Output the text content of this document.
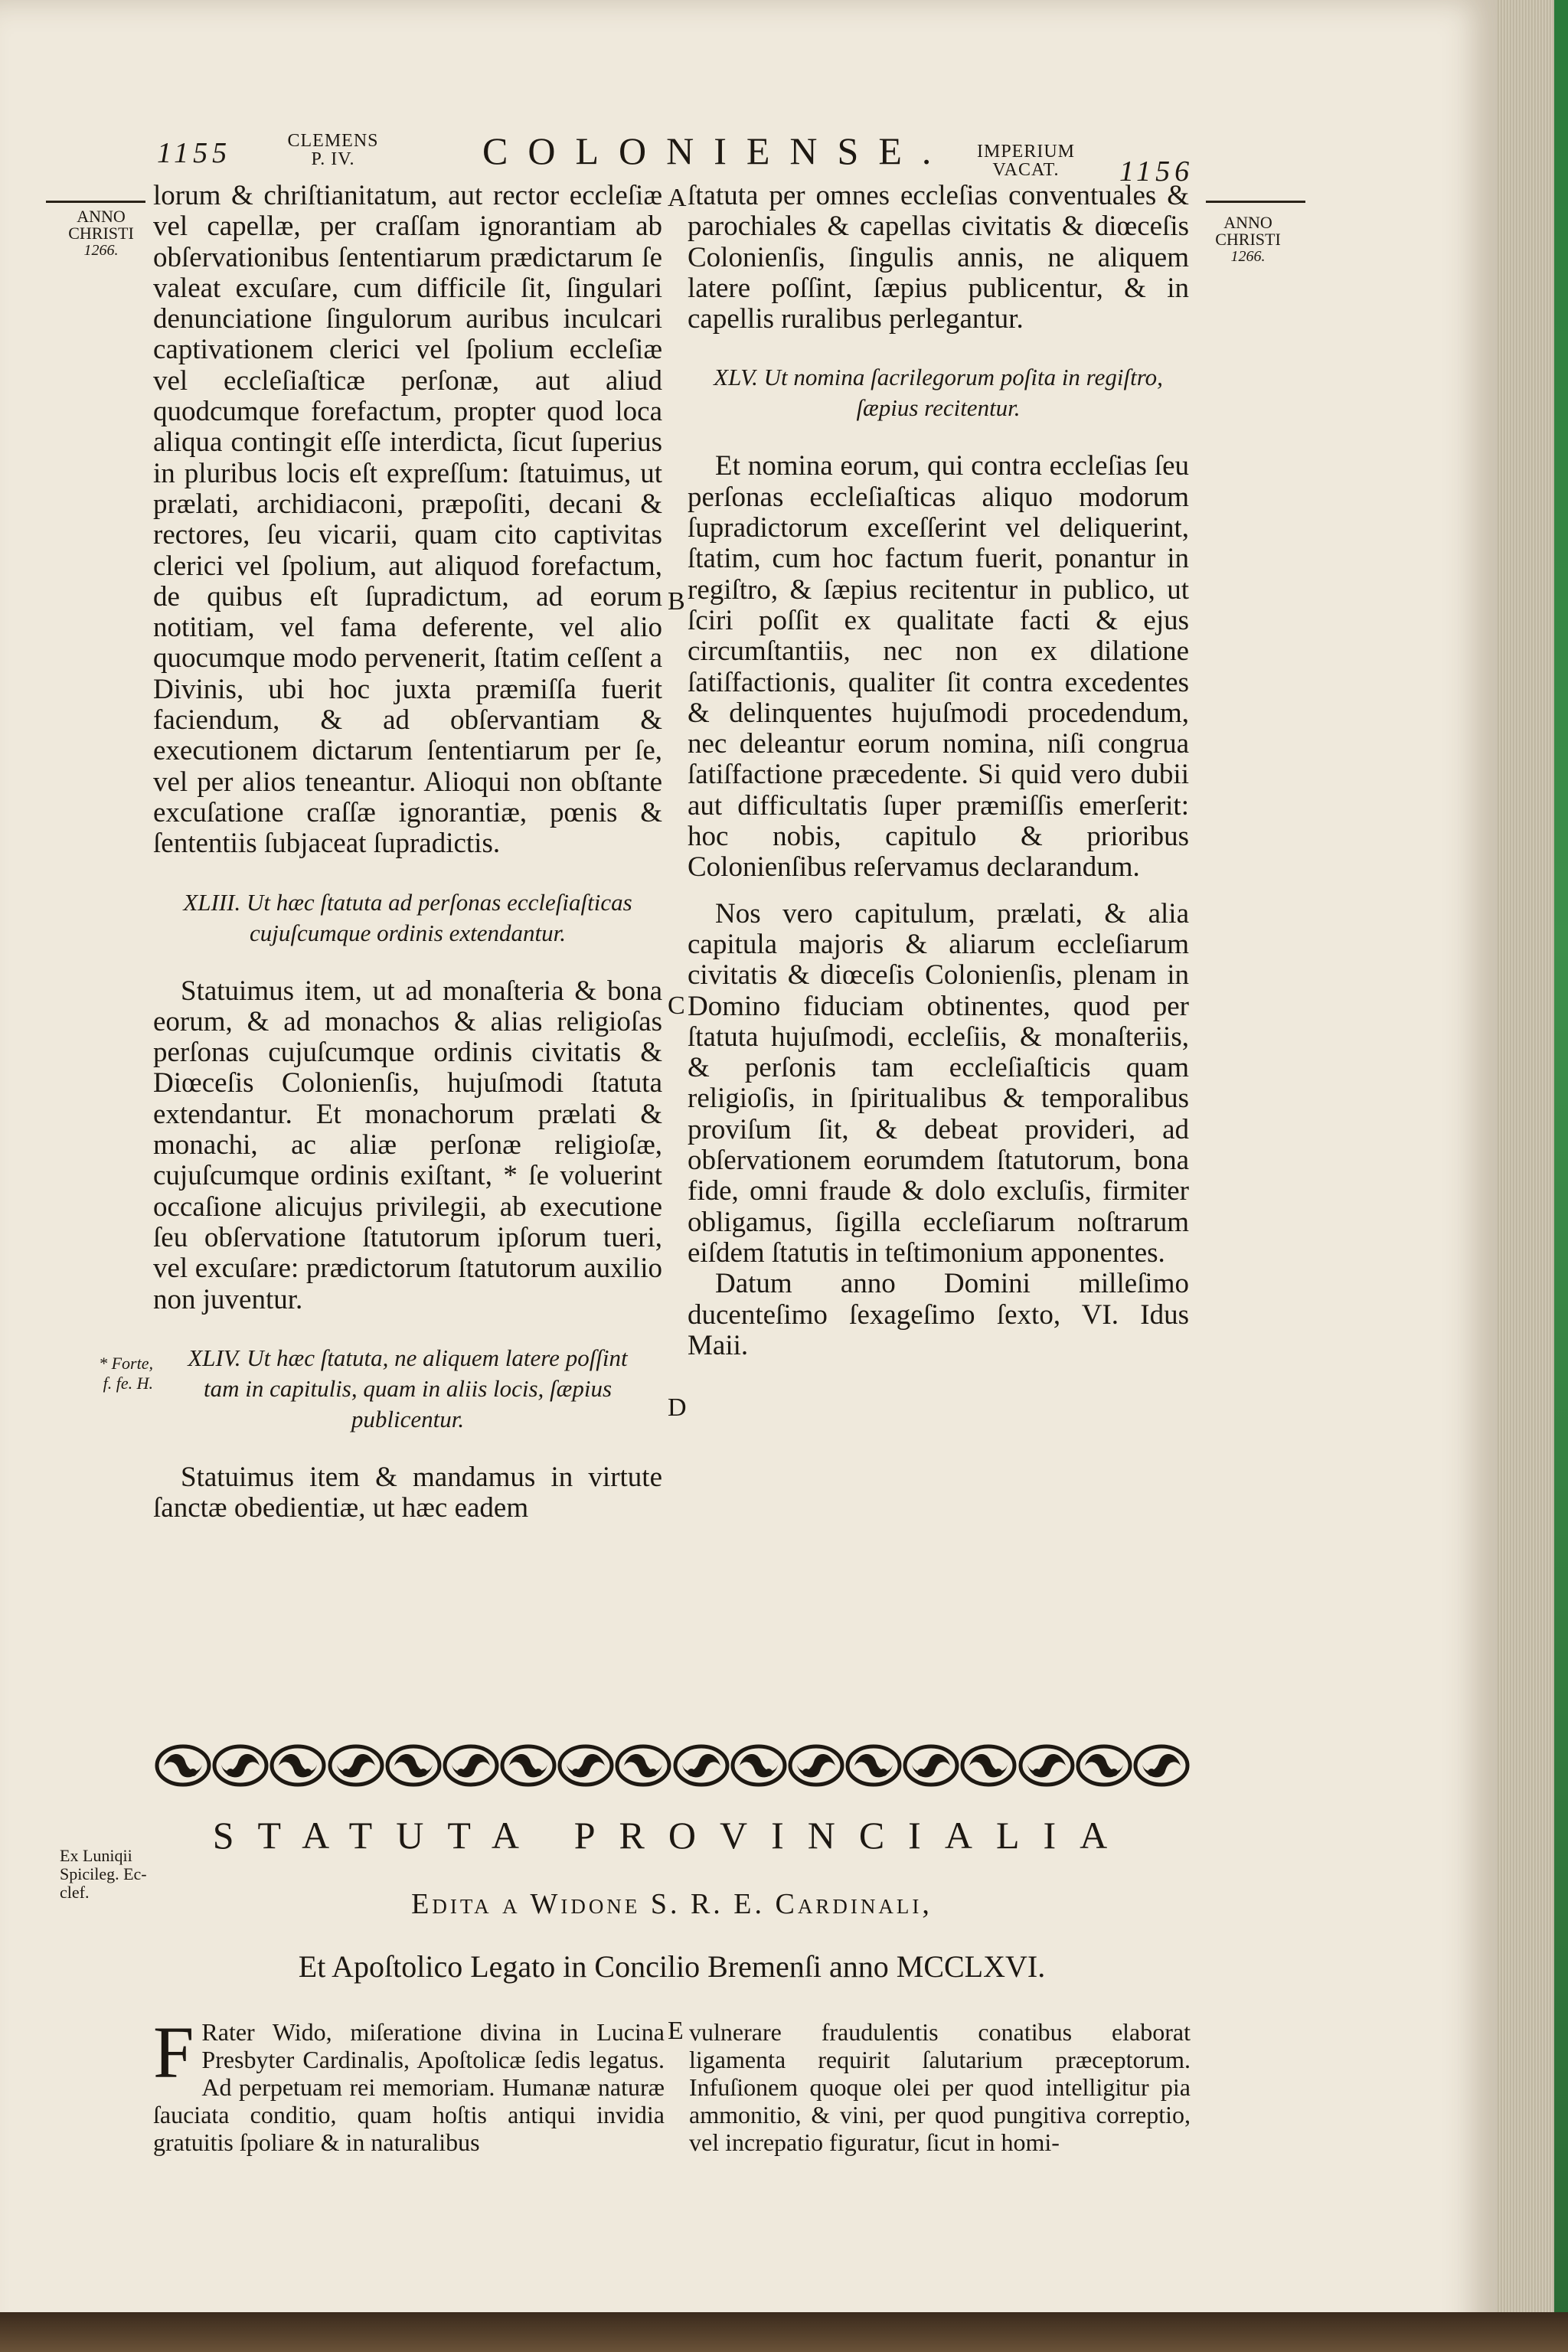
1155	CLEMENS
P. IV.	COLONIENSE.	IMPERIUM
VACAT.	1156
ANNO
CHRISTI
1266.
ANNO
CHRISTI
1266.
* Forte,
f. fe. H.
Ex Luniqii
Spicileg. Ec-
clef.
A
B
C
D
E

lorum & chriſtianitatum, aut rector eccleſiæ vel capellæ, per craſſam ignorantiam ab obſervationibus ſententiarum prædictarum ſe valeat excuſare, cum difficile ſit, ſingulari denunciatione ſingulorum auribus inculcari captivationem clerici vel ſpolium eccleſiæ vel eccleſiaſticæ perſonæ, aut aliud quodcumque forefactum, propter quod loca aliqua contingit eſſe interdicta, ſicut ſuperius in pluribus locis eſt expreſſum: ſtatuimus, ut prælati, archidiaconi, præpoſiti, decani & rectores, ſeu vicarii, quam cito captivitas clerici vel ſpolium, aut aliquod forefactum, de quibus eſt ſupradictum, ad eorum notitiam, vel fama deferente, vel alio quocumque modo pervenerit, ſtatim ceſſent a Divinis, ubi hoc juxta præmiſſa fuerit faciendum, & ad obſervantiam & executionem dictarum ſententiarum per ſe, vel per alios teneantur. Alioqui non obſtante excuſatione craſſæ ignorantiæ, pœnis & ſententiis ſubjaceat ſupradictis.

XLIII. Ut hæc ſtatuta ad perſonas eccleſiaſticas cujuſcumque ordinis extendantur.

Statuimus item, ut ad monaſteria & bona eorum, & ad monachos & alias religioſas perſonas cujuſcumque ordinis civitatis & Diœceſis Colonienſis, hujuſmodi ſtatuta extendantur. Et monachorum prælati & monachi, ac aliæ perſonæ religioſæ, cujuſcumque ordinis exiſtant, * ſe voluerint occaſione alicujus privilegii, ab executione ſeu obſervatione ſtatutorum ipſorum tueri, vel excuſare: prædictorum ſtatutorum auxilio non juventur.

XLIV. Ut hæc ſtatuta, ne aliquem latere poſſint tam in capitulis, quam in aliis locis, ſæpius publicentur.

Statuimus item & mandamus in virtute ſanctæ obedientiæ, ut hæc eadem

ſtatuta per omnes eccleſias conventuales & parochiales & capellas civitatis & diœceſis Colonienſis, ſingulis annis, ne aliquem latere poſſint, ſæpius publicentur, & in capellis ruralibus perlegantur.

XLV. Ut nomina ſacrilegorum poſita in regiſtro, ſæpius recitentur.

Et nomina eorum, qui contra eccleſias ſeu perſonas eccleſiaſticas aliquo modorum ſupradictorum exceſſerint vel deliquerint, ſtatim, cum hoc factum fuerit, ponantur in regiſtro, & ſæpius recitentur in publico, ut ſciri poſſit ex qualitate facti & ejus circumſtantiis, nec non ex dilatione ſatiſfactionis, qualiter ſit contra excedentes & delinquentes hujuſmodi procedendum, nec deleantur eorum nomina, niſi congrua ſatiſfactione præcedente. Si quid vero dubii aut difficultatis ſuper præmiſſis emerſerit: hoc nobis, capitulo & prioribus Colonienſibus reſervamus declarandum.

Nos vero capitulum, prælati, & alia capitula majoris & aliarum eccleſiarum civitatis & diœceſis Colonienſis, plenam in Domino fiduciam obtinentes, quod per ſtatuta hujuſmodi, eccleſiis, & monaſteriis, & perſonis tam eccleſiaſticis quam religioſis, in ſpiritualibus & temporalibus proviſum ſit, & debeat provideri, ad obſervationem eorumdem ſtatutorum, bona fide, omni fraude & dolo excluſis, firmiter obligamus, ſigilla eccleſiarum noſtrarum eiſdem ſtatutis in teſtimonium apponentes.

Datum anno Domini milleſimo ducenteſimo ſexageſimo ſexto, VI. Idus Maii.

STATUTA PROVINCIALIA
Edita a Widone S. R. E. Cardinali,
Et Apoſtolico Legato in Concilio Bremenſi anno MCCLXVI.
F Rater Wido, miſeratione divina in Lucina Presbyter Cardinalis, Apoſtolicæ ſedis legatus. Ad perpetuam rei memoriam. Humanæ naturæ ſauciata conditio, quam hoſtis antiqui invidia gratuitis ſpoliare & in naturalibus
vulnerare fraudulentis conatibus elaborat ligamenta requirit ſalutarium præceptorum. Infuſionem quoque olei per quod intelligitur pia ammonitio, & vini, per quod pungitiva correptio, vel increpatio figuratur, ſicut in homi-
